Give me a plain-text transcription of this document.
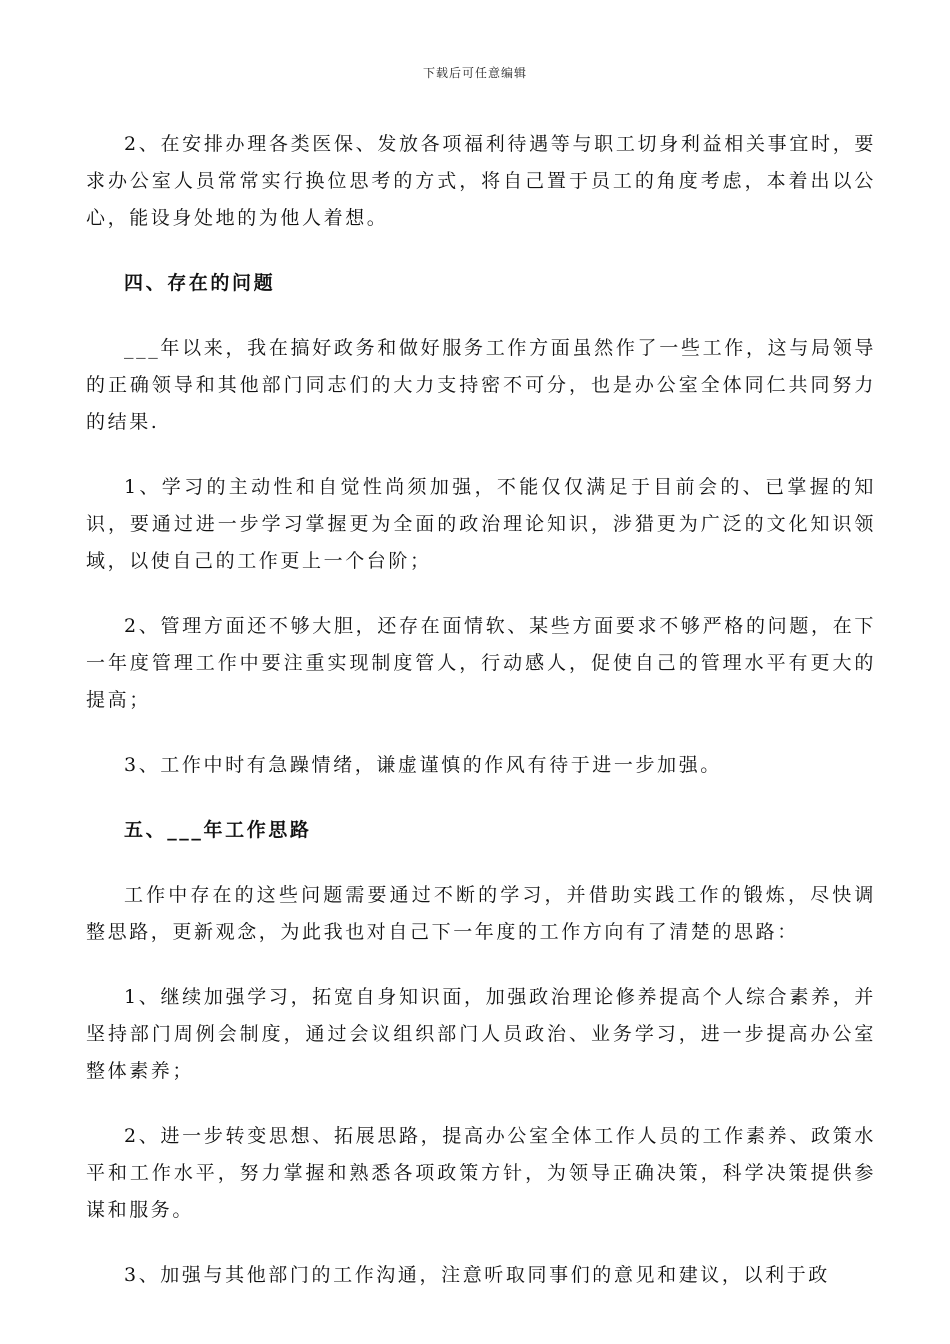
下载后可任意编辑

2、在安排办理各类医保、发放各项福利待遇等与职工切身利益相关事宜时，要求办公室人员常常实行换位思考的方式，将自己置于员工的角度考虑，本着出以公心，能设身处地的为他人着想。

四、存在的问题

___年以来，我在搞好政务和做好服务工作方面虽然作了一些工作，这与局领导的正确领导和其他部门同志们的大力支持密不可分，也是办公室全体同仁共同努力的结果.

1、学习的主动性和自觉性尚须加强，不能仅仅满足于目前会的、已掌握的知识，要通过进一步学习掌握更为全面的政治理论知识，涉猎更为广泛的文化知识领域，以使自己的工作更上一个台阶；

2、管理方面还不够大胆，还存在面情软、某些方面要求不够严格的问题，在下一年度管理工作中要注重实现制度管人，行动感人，促使自己的管理水平有更大的提高；

3、工作中时有急躁情绪，谦虚谨慎的作风有待于进一步加强。

五、___年工作思路

工作中存在的这些问题需要通过不断的学习，并借助实践工作的锻炼，尽快调整思路，更新观念，为此我也对自己下一年度的工作方向有了清楚的思路：

1、继续加强学习，拓宽自身知识面，加强政治理论修养提高个人综合素养，并坚持部门周例会制度，通过会议组织部门人员政治、业务学习，进一步提高办公室整体素养；

2、进一步转变思想、拓展思路，提高办公室全体工作人员的工作素养、政策水平和工作水平，努力掌握和熟悉各项政策方针，为领导正确决策，科学决策提供参谋和服务。

3、加强与其他部门的工作沟通，注意听取同事们的意见和建议，以利于政
